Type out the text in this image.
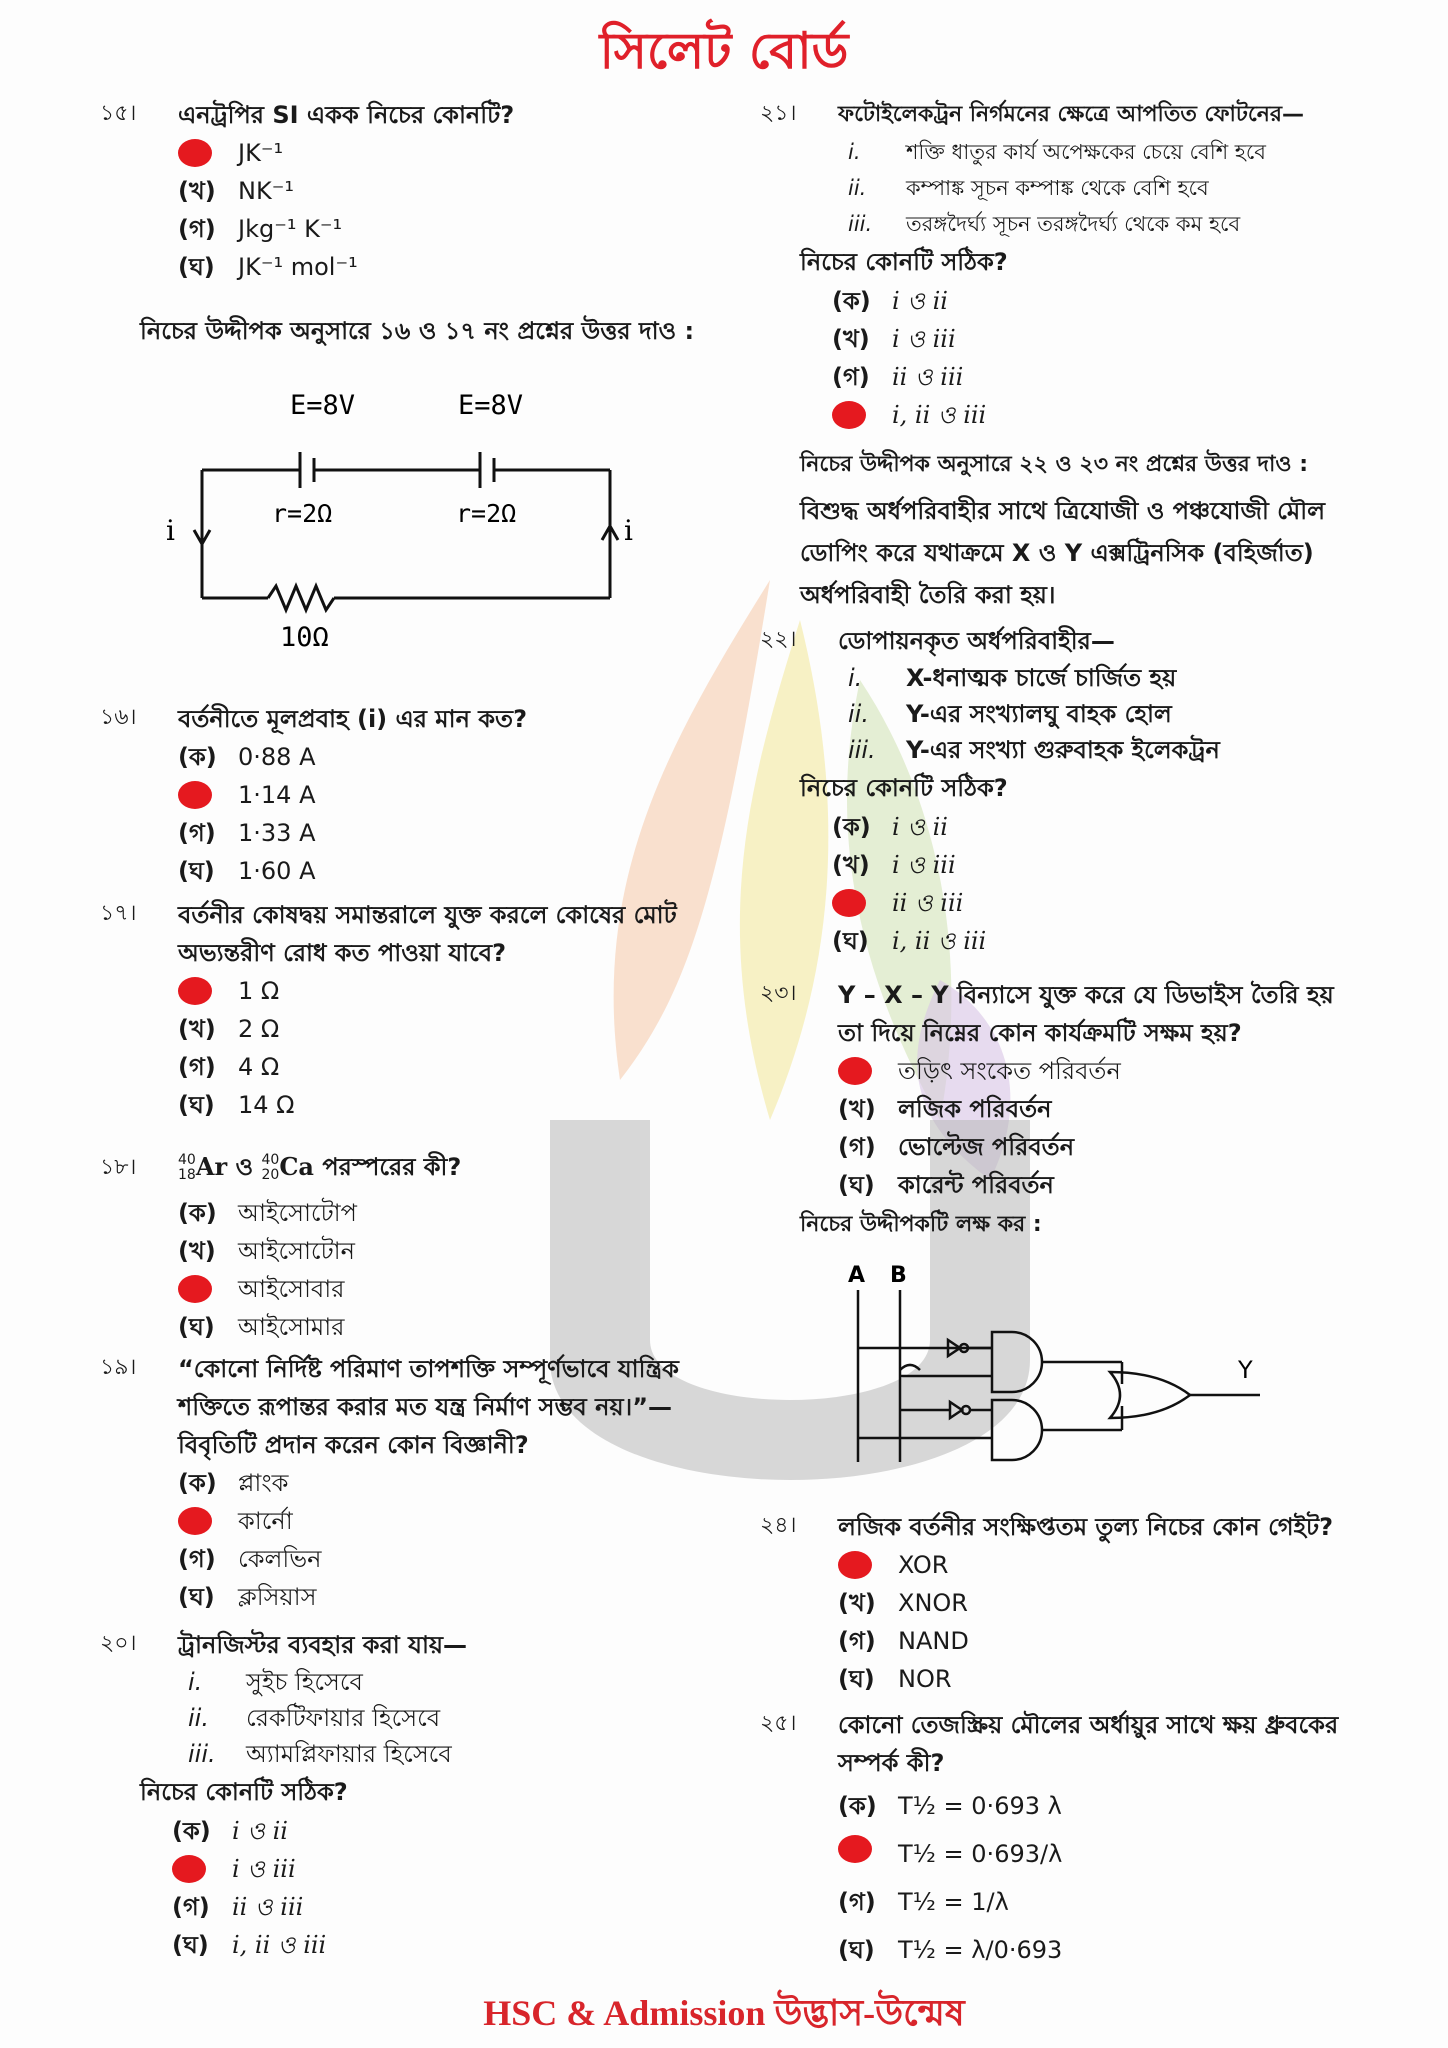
সিলেট বোর্ড
১৫।	এনট্রপির SI একক নিচের কোনটি?
JK⁻¹
(খ) NK⁻¹
(গ) Jkg⁻¹ K⁻¹
(ঘ) JK⁻¹ mol⁻¹
নিচের উদ্দীপক অনুসারে ১৬ ও ১৭ নং প্রশ্নের উত্তর দাও :
E=8V	E=8V
r=2Ω	r=2Ω
i	i
10Ω
১৬।	বর্তনীতে মূলপ্রবাহ (i) এর মান কত?
(ক) 0·88 A
1·14 A
(গ) 1·33 A
(ঘ) 1·60 A
১৭।	বর্তনীর কোষদ্বয় সমান্তরালে যুক্ত করলে কোষের মোট অভ্যন্তরীণ রোধ কত পাওয়া যাবে?
1 Ω
(খ) 2 Ω
(গ) 4 Ω
(ঘ) 14 Ω
১৮।	40
18Ar ও 40
20Ca পরস্পরের কী?
(ক) আইসোটোপ
(খ) আইসোটোন
আইসোবার
(ঘ) আইসোমার
১৯।	“কোনো নির্দিষ্ট পরিমাণ তাপশক্তি সম্পূর্ণভাবে যান্ত্রিক শক্তিতে রূপান্তর করার মত যন্ত্র নির্মাণ সম্ভব নয়।”— বিবৃতিটি প্রদান করেন কোন বিজ্ঞানী?
(ক) প্লাংক
কার্নো
(গ) কেলভিন
(ঘ) ক্লসিয়াস
২০।	ট্রানজিস্টর ব্যবহার করা যায়—
i. সুইচ হিসেবে
ii. রেকটিফায়ার হিসেবে
iii. অ্যামপ্লিফায়ার হিসেবে
নিচের কোনটি সঠিক?
(ক) i ও ii
i ও iii
(গ) ii ও iii
(ঘ) i, ii ও iii
২১।	ফটোইলেকট্রন নির্গমনের ক্ষেত্রে আপতিত ফোটনের—
i. শক্তি ধাতুর কার্য অপেক্ষকের চেয়ে বেশি হবে
ii. কম্পাঙ্ক সূচন কম্পাঙ্ক থেকে বেশি হবে
iii. তরঙ্গদৈর্ঘ্য সূচন তরঙ্গদৈর্ঘ্য থেকে কম হবে
নিচের কোনটি সঠিক?
(ক) i ও ii
(খ) i ও iii
(গ) ii ও iii
i, ii ও iii
নিচের উদ্দীপক অনুসারে ২২ ও ২৩ নং প্রশ্নের উত্তর দাও :
বিশুদ্ধ অর্ধপরিবাহীর সাথে ত্রিযোজী ও পঞ্চযোজী মৌল ডোপিং করে যথাক্রমে X ও Y এক্সট্রিনসিক (বহির্জাত) অর্ধপরিবাহী তৈরি করা হয়।
২২।	ডোপায়নকৃত অর্ধপরিবাহীর—
i. X-ধনাত্মক চার্জে চার্জিত হয়
ii. Y-এর সংখ্যালঘু বাহক হোল
iii. Y-এর সংখ্যা গুরুবাহক ইলেকট্রন
নিচের কোনটি সঠিক?
(ক) i ও ii
(খ) i ও iii
ii ও iii
(ঘ) i, ii ও iii
২৩।	Y – X – Y বিন্যাসে যুক্ত করে যে ডিভাইস তৈরি হয় তা দিয়ে নিম্নের কোন কার্যক্রমটি সক্ষম হয়?
তড়িৎ সংকেত পরিবর্তন
(খ) লজিক পরিবর্তন
(গ) ভোল্টেজ পরিবর্তন
(ঘ) কারেন্ট পরিবর্তন
নিচের উদ্দীপকটি লক্ষ কর :
A B
Y
২৪।	লজিক বর্তনীর সংক্ষিপ্ততম তুল্য নিচের কোন গেইট?
XOR
(খ) XNOR
(গ) NAND
(ঘ) NOR
২৫।	কোনো তেজস্ক্রিয় মৌলের অর্ধায়ুর সাথে ক্ষয় ধ্রুবকের সম্পর্ক কী?
(ক) T½ = 0·693 λ
T½ = 0·693/λ
(গ) T½ = 1/λ
(ঘ) T½ = λ/0·693
HSC & Admission উদ্ভাস-উন্মেষ
